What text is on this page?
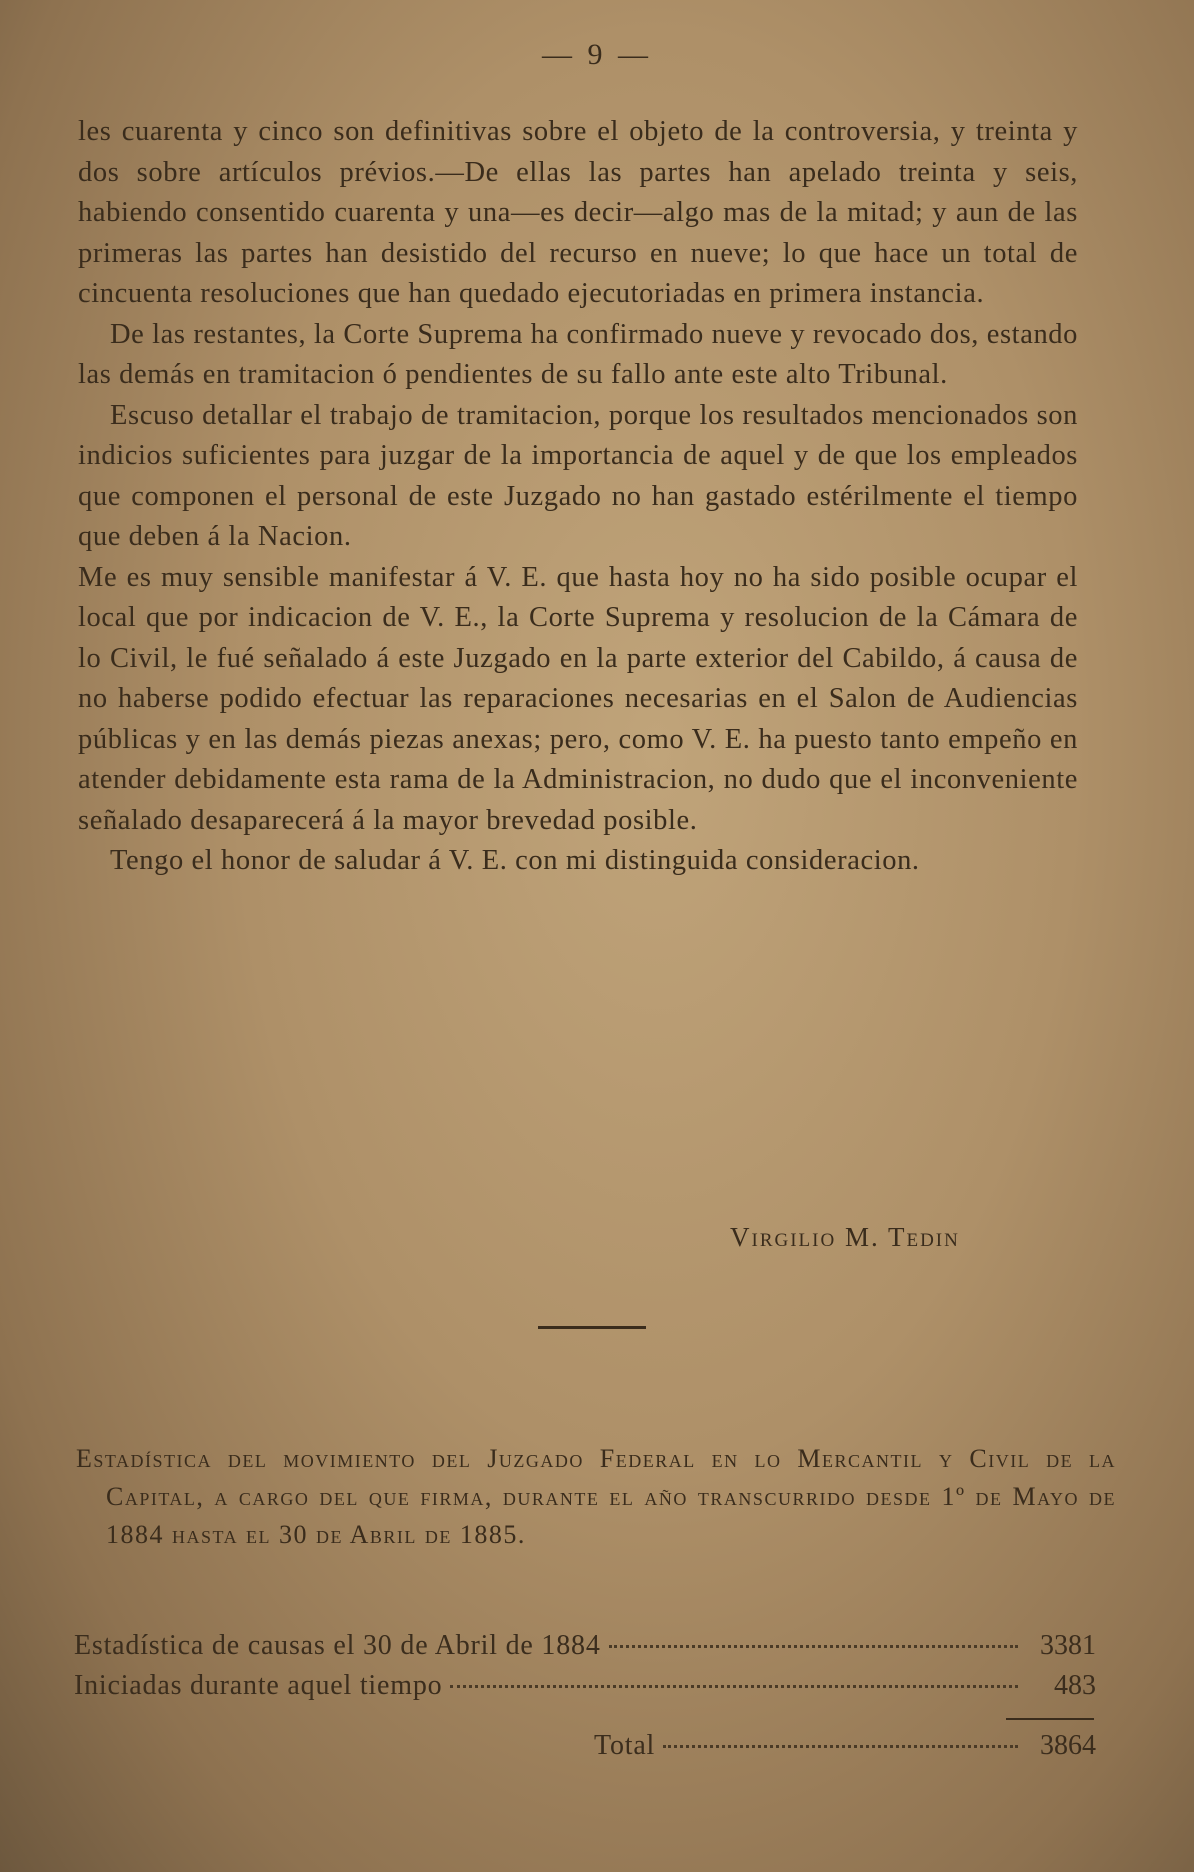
— 9 —

les cuarenta y cinco son definitivas sobre el objeto de la controversia, y treinta y dos sobre artículos prévios.—De ellas las partes han apelado treinta y seis, habiendo consentido cuarenta y una—es decir—algo mas de la mitad; y aun de las primeras las partes han desistido del recurso en nueve; lo que hace un total de cincuenta resoluciones que han quedado ejecutoriadas en primera instancia.

De las restantes, la Corte Suprema ha confirmado nueve y revocado dos, estando las demás en tramitacion ó pendientes de su fallo ante este alto Tribunal.

Escuso detallar el trabajo de tramitacion, porque los resultados mencionados son indicios suficientes para juzgar de la importancia de aquel y de que los empleados que componen el personal de este Juzgado no han gastado estérilmente el tiempo que deben á la Nacion.

Me es muy sensible manifestar á V. E. que hasta hoy no ha sido posible ocupar el local que por indicacion de V. E., la Corte Suprema y resolucion de la Cámara de lo Civil, le fué señalado á este Juzgado en la parte exterior del Cabildo, á causa de no haberse podido efectuar las reparaciones necesarias en el Salon de Audiencias públicas y en las demás piezas anexas; pero, como V. E. ha puesto tanto empeño en atender debidamente esta rama de la Administracion, no dudo que el inconveniente señalado desaparecerá á la mayor brevedad posible.

Tengo el honor de saludar á V. E. con mi distinguida consideracion.

Virgilio M. Tedin
Estadística del movimiento del Juzgado Federal en lo Mercantil y Civil de la Capital, a cargo del que firma, durante el año transcurrido desde 1º de Mayo de 1884 hasta el 30 de Abril de 1885.
Estadística de causas el 30 de Abril de 1884	3381
Iniciadas durante aquel tiempo	483
Total	3864
